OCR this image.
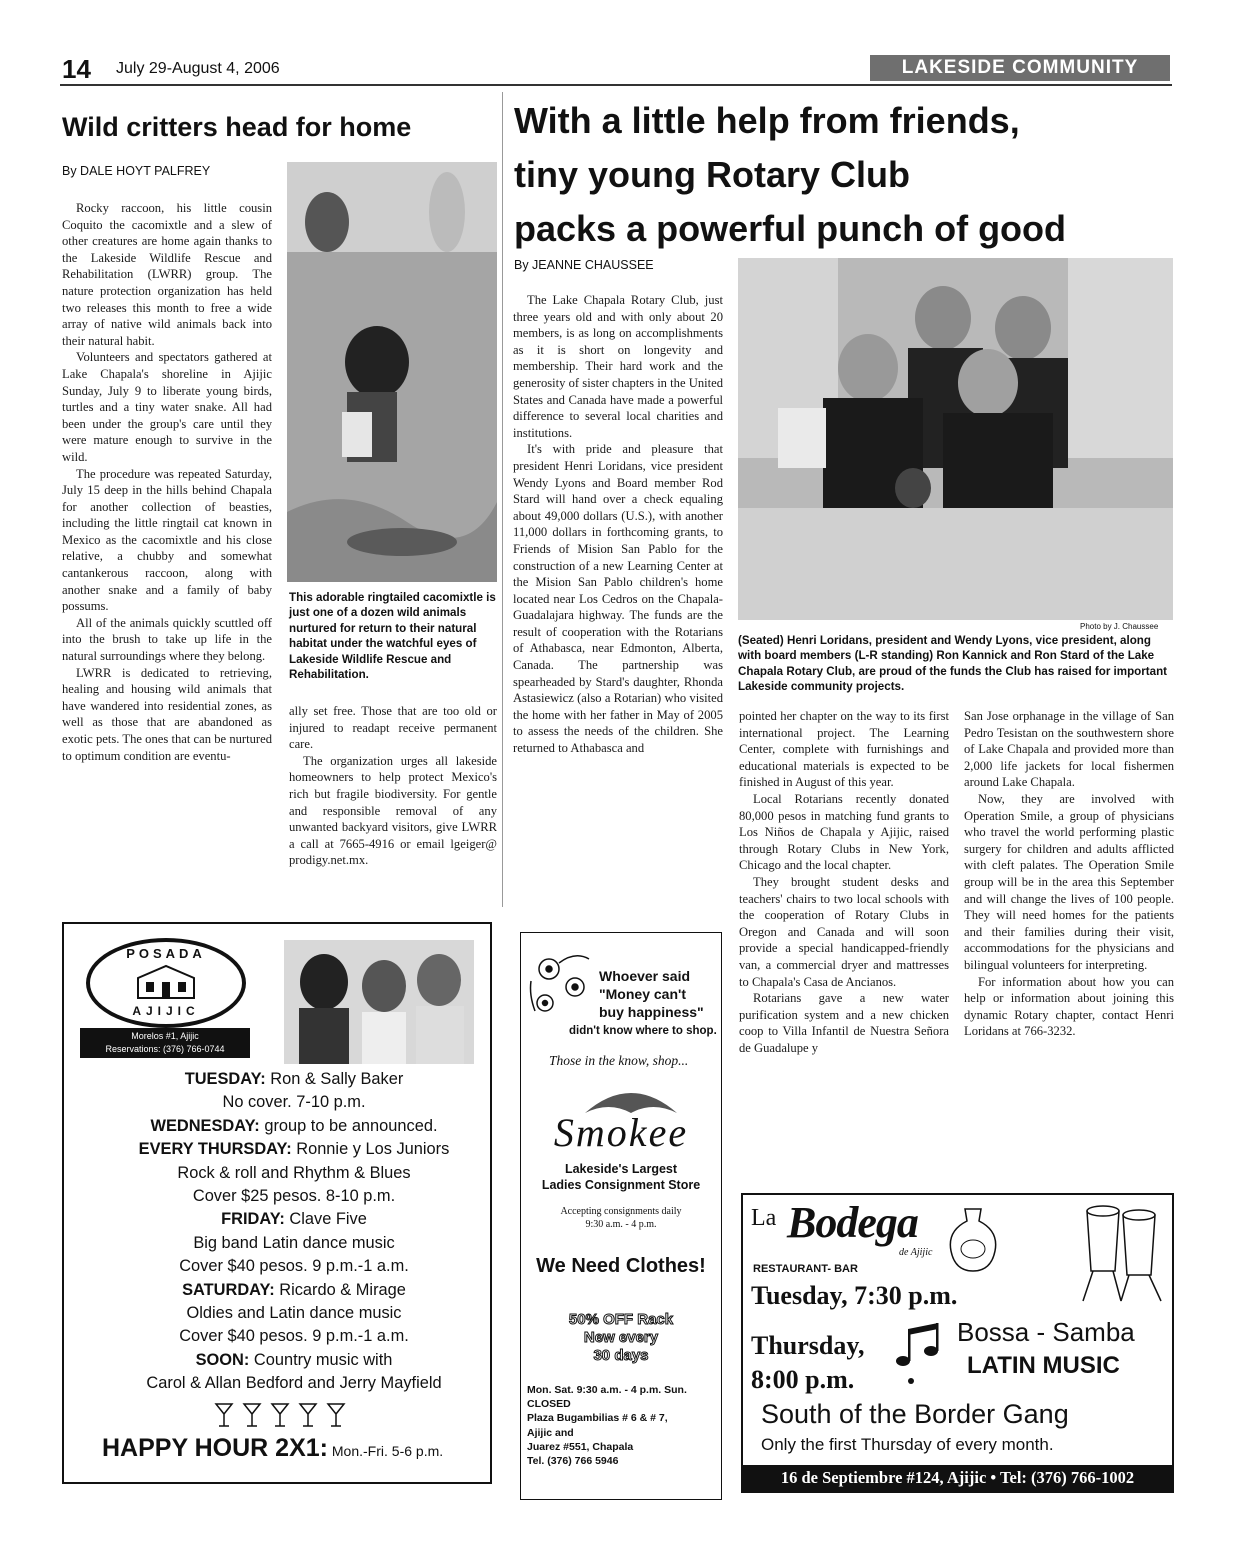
14 July 29-August 4, 2006	LAKESIDE COMMUNITY
Wild critters head for home
By DALE HOYT PALFREY

Rocky raccoon, his little cousin Coquito the cacomixtle and a slew of other creatures are home again thanks to the Lakeside Wildlife Rescue and Rehabilitation (LWRR) group. The nature protection organization has held two releases this month to free a wide array of native wild animals back into their natural habit.

Volunteers and spectators gathered at Lake Chapala's shoreline in Ajijic Sunday, July 9 to liberate young birds, turtles and a tiny water snake. All had been under the group's care until they were mature enough to survive in the wild.

The procedure was repeated Saturday, July 15 deep in the hills behind Chapala for another collection of beasties, including the little ringtail cat known in Mexico as the cacomixtle and his close relative, a chubby and somewhat cantankerous raccoon, along with another snake and a family of baby possums.

All of the animals quickly scuttled off into the brush to take up life in the natural surroundings where they belong.

LWRR is dedicated to retrieving, healing and housing wild animals that have wandered into residential zones, as well as those that are abandoned as exotic pets. The ones that can be nurtured to optimum condition are eventu-

This adorable ringtailed cacomixtle is just one of a dozen wild animals nurtured for return to their natural habitat under the watchful eyes of Lakeside Wildlife Rescue and Rehabilitation.

ally set free. Those that are too old or injured to readapt receive permanent care.

The organization urges all lakeside homeowners to help protect Mexico's rich but fragile biodiversity. For gentle and responsible removal of any unwanted backyard visitors, give LWRR a call at 7665-4916 or email lgeiger@ prodigy.net.mx.

With a little help from friends,
tiny young Rotary Club
packs a powerful punch of good
By JEANNE CHAUSSEE

The Lake Chapala Rotary Club, just three years old and with only about 20 members, is as long on accomplishments as it is short on longevity and membership. Their hard work and the generosity of sister chapters in the United States and Canada have made a powerful difference to several local charities and institutions.

It's with pride and pleasure that president Henri Loridans, vice president Wendy Lyons and Board member Rod Stard will hand over a check equaling about 49,000 dollars (U.S.), with another 11,000 dollars in forthcoming grants, to Friends of Mision San Pablo for the construction of a new Learning Center at the Mision San Pablo children's home located near Los Cedros on the Chapala- Guadalajara highway. The funds are the result of cooperation with the Rotarians of Athabasca, near Edmonton, Alberta, Canada. The partnership was spearheaded by Stard's daughter, Rhonda Astasiewicz (also a Rotarian) who visited the home with her father in May of 2005 to assess the needs of the children. She returned to Athabasca and

Photo by J. Chaussee
(Seated) Henri Loridans, president and Wendy Lyons, vice president, along with board members (L-R standing) Ron Kannick and Ron Stard of the Lake Chapala Rotary Club, are proud of the funds the Club has raised for important Lakeside community projects.

pointed her chapter on the way to its first international project. The Learning Center, complete with furnishings and educational materials is expected to be finished in August of this year.

Local Rotarians recently donated 80,000 pesos in matching fund grants to Los Niños de Chapala y Ajijic, raised through Rotary Clubs in New York, Chicago and the local chapter.

They brought student desks and teachers' chairs to two local schools with the cooperation of Rotary Clubs in Oregon and Canada and will soon provide a special handicapped-friendly van, a commercial dryer and mattresses to Chapala's Casa de Ancianos.

Rotarians gave a new water purification system and a new chicken coop to Villa Infantil de Nuestra Señora de Guadalupe y

San Jose orphanage in the village of San Pedro Tesistan on the southwestern shore of Lake Chapala and provided more than 2,000 life jackets for local fishermen around Lake Chapala.

Now, they are involved with Operation Smile, a group of physicians who travel the world performing plastic surgery for children and adults afflicted with cleft palates. The Operation Smile group will be in the area this September and will change the lives of 100 people. They will need homes for the patients and their families during their visit, accommodations for the physicians and bilingual volunteers for interpreting.

For information about how you can help or information about joining this dynamic Rotary chapter, contact Henri Loridans at 766-3232.

POSADA
AJIJIC
Morelos #1, Ajijic
Reservations: (376) 766-0744
TUESDAY: Ron & Sally Baker
No cover. 7-10 p.m.
WEDNESDAY: group to be announced.
EVERY THURSDAY: Ronnie y Los Juniors
Rock & roll and Rhythm & Blues
Cover $25 pesos. 8-10 p.m.
FRIDAY: Clave Five
Big band Latin dance music
Cover $40 pesos. 9 p.m.-1 a.m.
SATURDAY: Ricardo & Mirage
Oldies and Latin dance music
Cover $40 pesos. 9 p.m.-1 a.m.
SOON: Country music with
Carol & Allan Bedford and Jerry Mayfield
HAPPY HOUR 2X1: Mon.-Fri. 5-6 p.m.
Whoever said
"Money can't
buy happiness"
didn't know where to shop.
Those in the know, shop...
Smokee
Lakeside's Largest
Ladies Consignment Store
Accepting consignments daily
9:30 a.m. - 4 p.m.
We Need Clothes!
50% OFF Rack
New every
30 days
Mon. Sat. 9:30 a.m. - 4 p.m. Sun.
CLOSED
Plaza Bugambilias # 6 & # 7,
Ajijic and
Juarez #551, Chapala
Tel. (376) 766 5946
La Bodega
de Ajijic
RESTAURANT- BAR
Tuesday, 7:30 p.m.
Thursday,
8:00 p.m.
Bossa - Samba
LATIN MUSIC
South of the Border Gang
Only the first Thursday of every month.
16 de Septiembre #124, Ajijic • Tel: (376) 766-1002
